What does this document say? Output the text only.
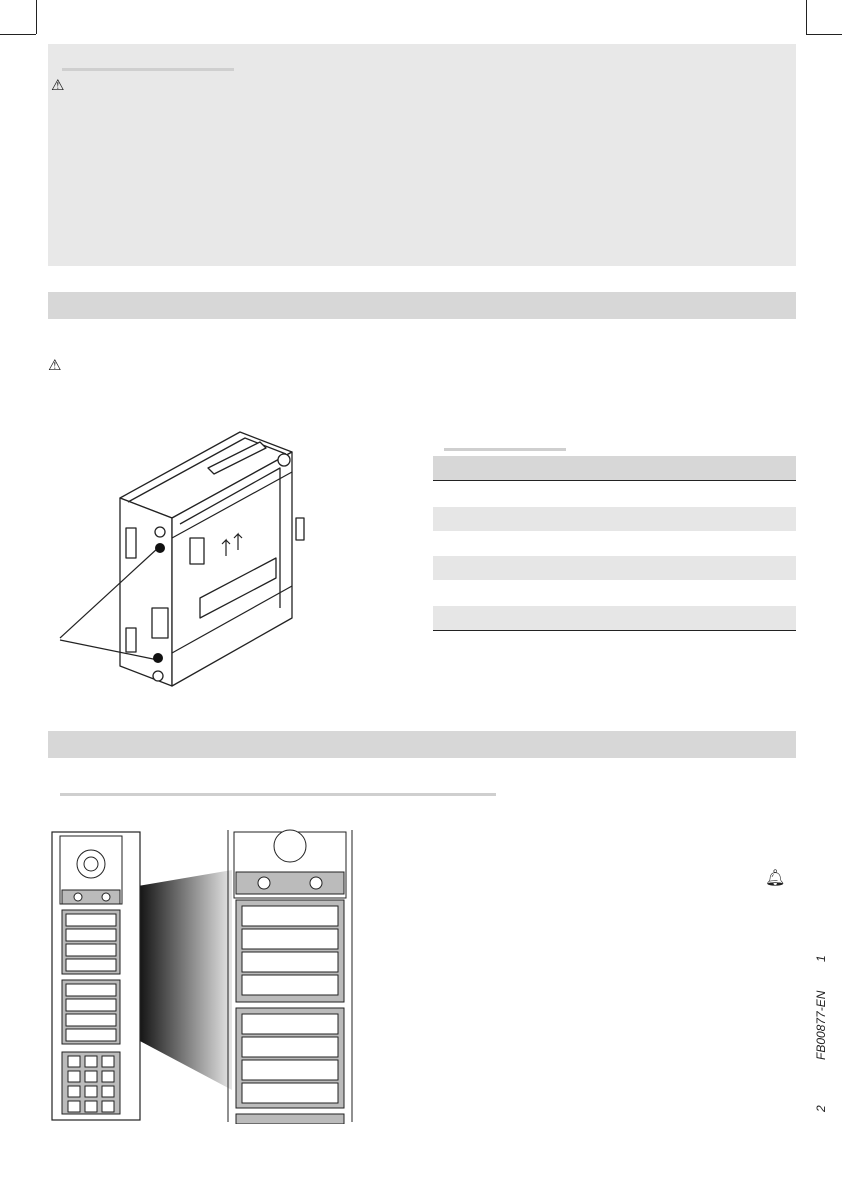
⚠
⚠
🔔︎
1
FB00877-EN
2
